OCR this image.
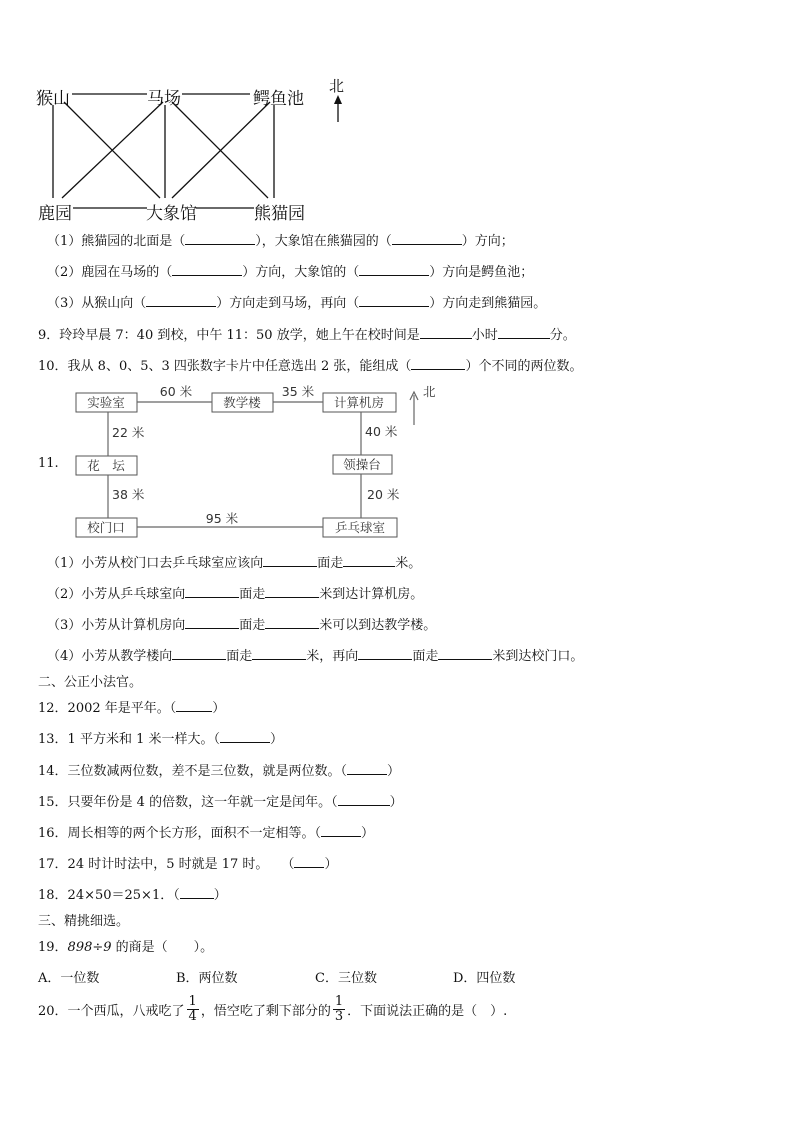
猴山	马场	鳄鱼池
鹿园	大象馆	熊猫园
北
（1）熊猫园的北面是（	），大象馆在熊猫园的（	）方向；
（2）鹿园在马场的（	）方向，大象馆的（	）方向是鳄鱼池；
（3）从猴山向（	）方向走到马场，再向（	）方向走到熊猫园。
9．玲玲早晨 7：40 到校，中午 11：50 放学，她上午在校时间是	小时	分。
10．我从 8、0、5、3 四张数字卡片中任意选出 2 张，能组成（	）个不同的两位数。
11.
实验室	教学楼	计算机房
花　坛	领操台
校门口	乒乓球室
60 米	35 米
22 米	40 米
38 米	20 米
95 米
北
（1）小芳从校门口去乒乓球室应该向	面走	米。
（2）小芳从乒乓球室向	面走	米到达计算机房。
（3）小芳从计算机房向	面走	米可以到达教学楼。
（4）小芳从教学楼向	面走	米，再向	面走	米到达校门口。
二、公正小法官。
12．2002 年是平年。（	）
13．1 平方米和 1 米一样大。（	）
14．三位数减两位数，差不是三位数，就是两位数。（	）
15．只要年份是 4 的倍数，这一年就一定是闰年。（	）
16．周长相等的两个长方形，面积不一定相等。（	）
17．24 时计时法中，5 时就是 17 时。　　（ ）
18．24×50＝25×1．（	）
三、精挑细选。
19．898÷9 的商是（　　）。
A．一位数	B．两位数	C．三位数	D．四位数
20．一个西瓜，八戒吃了 $\frac{1}{4}$ ，悟空吃了剩下部分的 $\frac{1}{3}$ ．下面说法正确的是（　）.
